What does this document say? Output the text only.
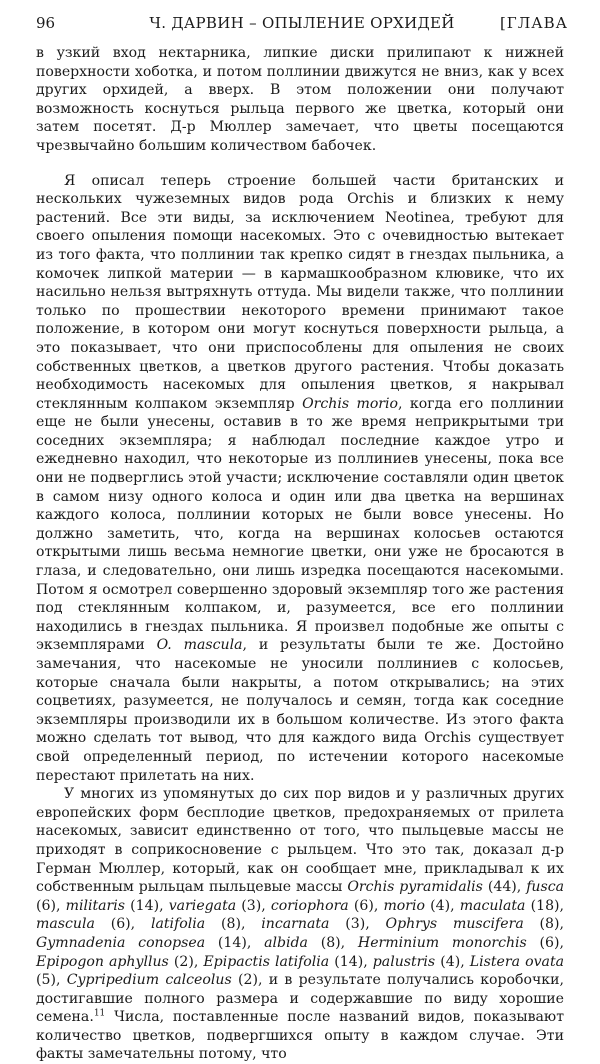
96	Ч. ДАРВИН – ОПЫЛЕНИЕ ОРХИДЕЙ	[ГЛАВА

в узкий вход нектарника, липкие диски прилипают к нижней поверхности хоботка, и потом поллинии движутся не вниз, как у всех других орхидей, а вверх. В этом положении они получают возможность коснуться рыльца первого же цветка, который они затем посетят. Д-р Мюллер замечает, что цветы посещаются чрезвычайно большим количеством бабочек.

Я описал теперь строение большей части британских и нескольких чужеземных видов рода Orchis и близких к нему растений. Все эти виды, за исключением Neotinea, требуют для своего опыления помощи насекомых. Это с очевидностью вытекает из того факта, что поллинии так крепко сидят в гнездах пыльника, а комочек липкой материи — в кармашкообразном клювике, что их насильно нельзя вытряхнуть оттуда. Мы видели также, что поллинии только по прошествии некоторого времени принимают такое положение, в котором они могут коснуться поверхности рыльца, а это показывает, что они приспособлены для опыления не своих собственных цветков, а цветков другого растения. Чтобы доказать необходимость насекомых для опыления цветков, я накрывал стеклянным колпаком экземпляр Orchis morio, когда его поллинии еще не были унесены, оставив в то же время неприкрытыми три соседних экземпляра; я наблюдал последние каждое утро и ежедневно находил, что некоторые из поллиниев унесены, пока все они не подверглись этой участи; исключение составляли один цветок в самом низу одного колоса и один или два цветка на вершинах каждого колоса, поллинии которых не были вовсе унесены. Но должно заметить, что, когда на вершинах колосьев остаются открытыми лишь весьма немногие цветки, они уже не бросаются в глаза, и следовательно, они лишь изредка посещаются насекомыми. Потом я осмотрел совершенно здоровый экземпляр того же растения под стеклянным колпаком, и, разумеется, все его поллинии находились в гнездах пыльника. Я произвел подобные же опыты с экземплярами O. mascula, и результаты были те же. Достойно замечания, что насекомые не уносили поллиниев с колосьев, которые сначала были накрыты, а потом открывались; на этих соцветиях, разумеется, не получалось и семян, тогда как соседние экземпляры производили их в большом количестве. Из этого факта можно сделать тот вывод, что для каждого вида Orchis существует свой определенный период, по истечении которого насекомые перестают прилетать на них.

У многих из упомянутых до сих пор видов и у различных других европейских форм бесплодие цветков, предохраняемых от прилета насекомых, зависит единственно от того, что пыльцевые массы не приходят в соприкосновение с рыльцем. Что это так, доказал д-р Герман Мюллер, который, как он сообщает мне, прикладывал к их собственным рыльцам пыльцевые массы Orchis pyramidalis (44), fusca (6), militaris (14), variegata (3), coriophora (6), morio (4), maculata (18), mascula (6), latifolia (8), incarnata (3), Ophrys muscifera (8), Gymnadenia conopsea (14), albida (8), Herminium monorchis (6), Epipogon aphyllus (2), Epipactis latifolia (14), palustris (4), Listera ovata (5), Cypripedium calceolus (2), и в результате получались коробочки, достигавшие полного размера и содержавшие по виду хорошие семена.$^{11}$ Числа, поставленные после названий видов, показывают количество цветков, подвергшихся опыту в каждом случае. Эти факты замечательны потому, что
